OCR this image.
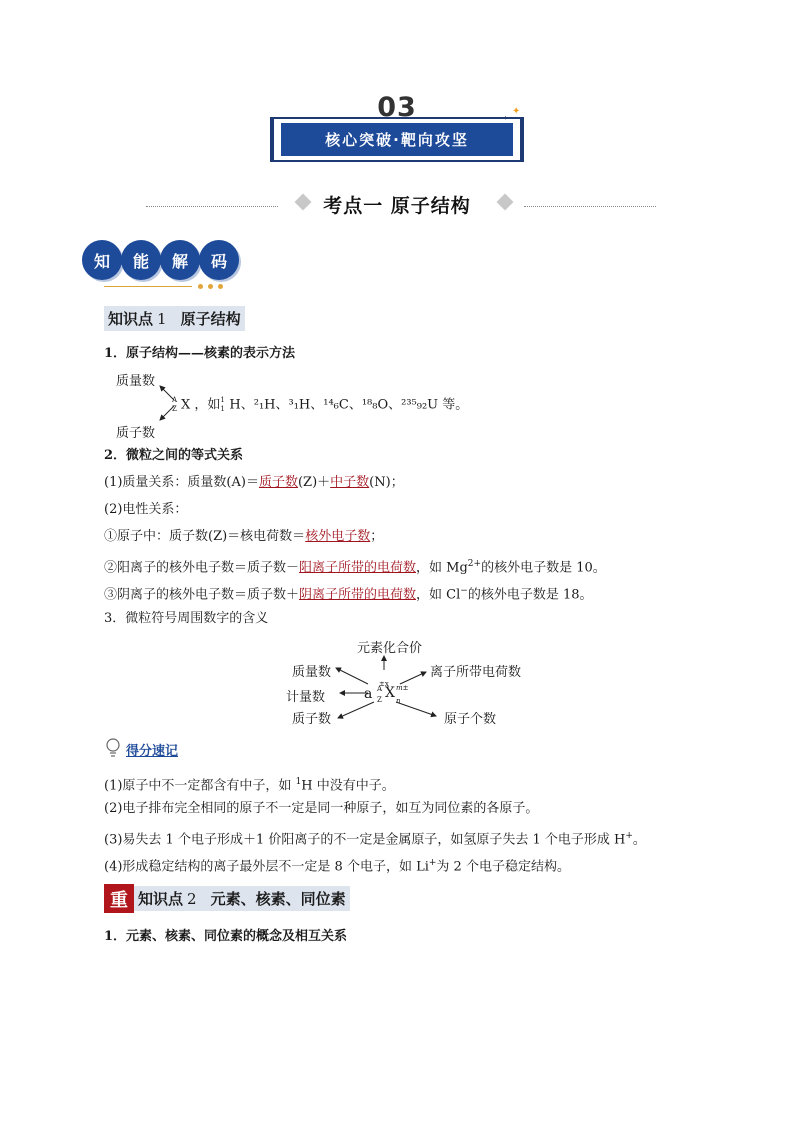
03	✦
✦
核心突破·靶向攻坚
考点一 原子结构
知	能	解	码
知识点 1 原子结构
1．原子结构——核素的表示方法
质量数
质子数
A
Z X ，如 1
1 H、²₁H、³₁H、¹⁴₆C、¹⁸₈O、²³⁵₉₂U 等。
2．微粒之间的等式关系
(1)质量关系：质量数(A)＝质子数(Z)＋中子数(N)；
(2)电性关系：
①原子中：质子数(Z)＝核电荷数＝核外电子数；
②阳离子的核外电子数＝质子数－阳离子所带的电荷数，如 $Mg^{2+}$的核外电子数是 10。
③阴离子的核外电子数＝质子数＋阴离子所带的电荷数，如 Cl−的核外电子数是 18。
3．微粒符号周围数字的含义
元素化合价
质量数	离子所带电荷数
计量数
质子数	原子个数
a
±x
A
Z X m±
n
得分速记
(1)原子中不一定都含有中子，如 $^1$H 中没有中子。
(2)电子排布完全相同的原子不一定是同一种原子，如互为同位素的各原子。
(3)易失去 1 个电子形成＋1 价阳离子的不一定是金属原子，如氢原子失去 1 个电子形成 H+。
(4)形成稳定结构的离子最外层不一定是 8 个电子，如 Li+为 2 个电子稳定结构。
重 知识点 2 元素、核素、同位素
1．元素、核素、同位素的概念及相互关系
